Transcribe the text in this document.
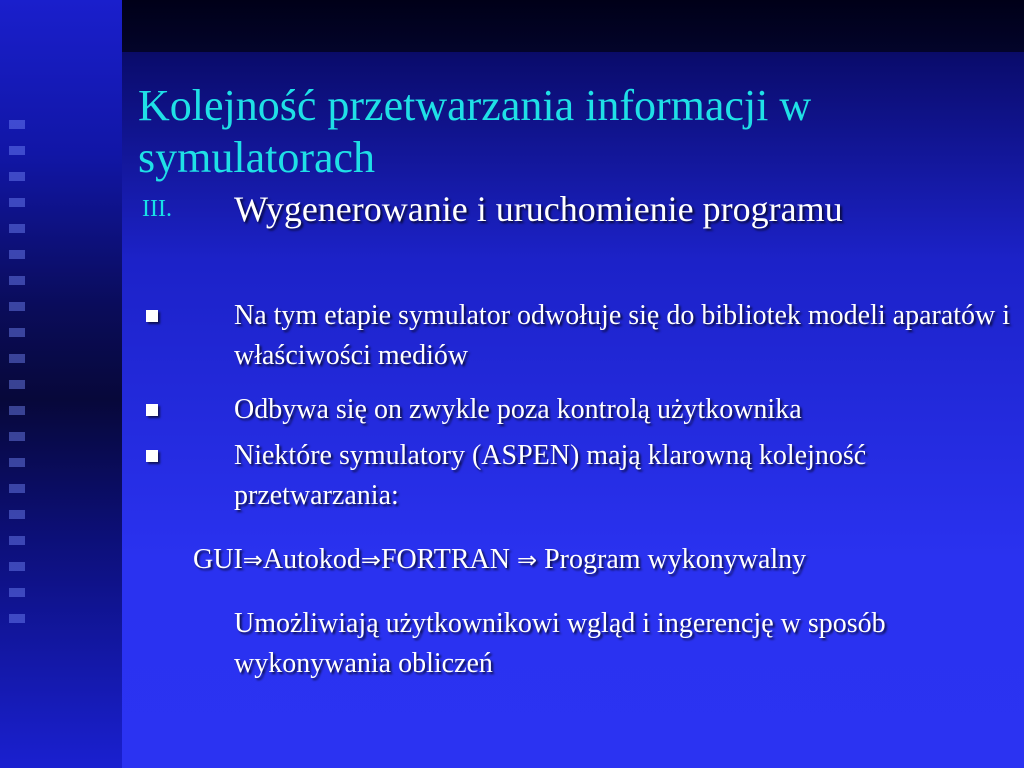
Kolejność przetwarzania informacji w symulatorach
III. Wygenerowanie i uruchomienie programu
Na tym etapie symulator odwołuje się do bibliotek modeli aparatów i właściwości mediów
Odbywa się on zwykle poza kontrolą użytkownika
Niektóre symulatory (ASPEN) mają klarowną kolejność przetwarzania:
GUI⇒Autokod⇒FORTRAN ⇒ Program wykonywalny
Umożliwiają użytkownikowi wgląd i ingerencję w sposób wykonywania obliczeń
